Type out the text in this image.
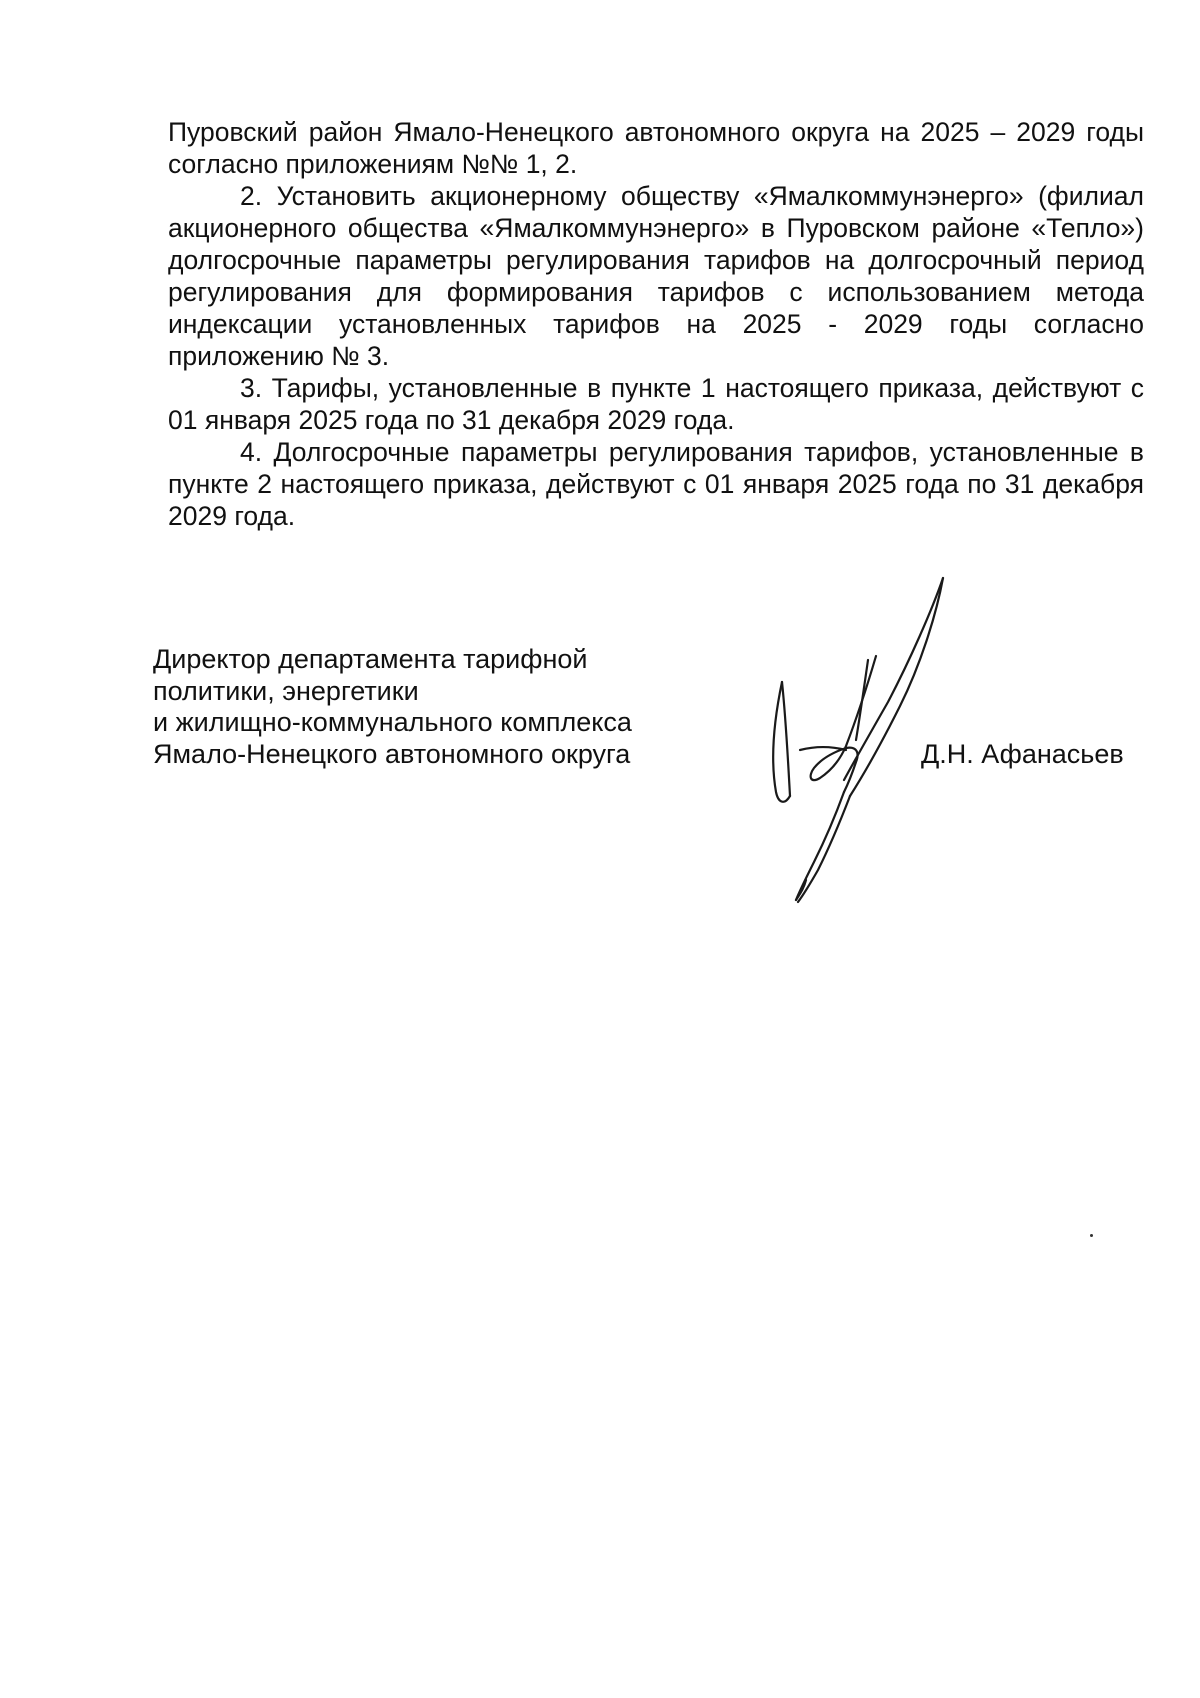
Пуровский район Ямало-Ненецкого автономного округа на 2025 – 2029 годы согласно приложениям №№ 1, 2.

2. Установить акционерному обществу «Ямалкоммунэнерго» (филиал акционерного общества «Ямалкоммунэнерго» в Пуровском районе «Тепло») долгосрочные параметры регулирования тарифов на долгосрочный период регулирования для формирования тарифов с использованием метода индексации установленных тарифов на 2025 - 2029 годы согласно приложению № 3.

3. Тарифы, установленные в пункте 1 настоящего приказа, действуют с 01 января 2025 года по 31 декабря 2029 года.

4. Долгосрочные параметры регулирования тарифов, установленные в пункте 2 настоящего приказа, действуют с 01 января 2025 года по 31 декабря 2029 года.

Директор департамента тарифной
политики, энергетики
и жилищно-коммунального комплекса
Ямало-Ненецкого автономного округа	Д.Н. Афанасьев
